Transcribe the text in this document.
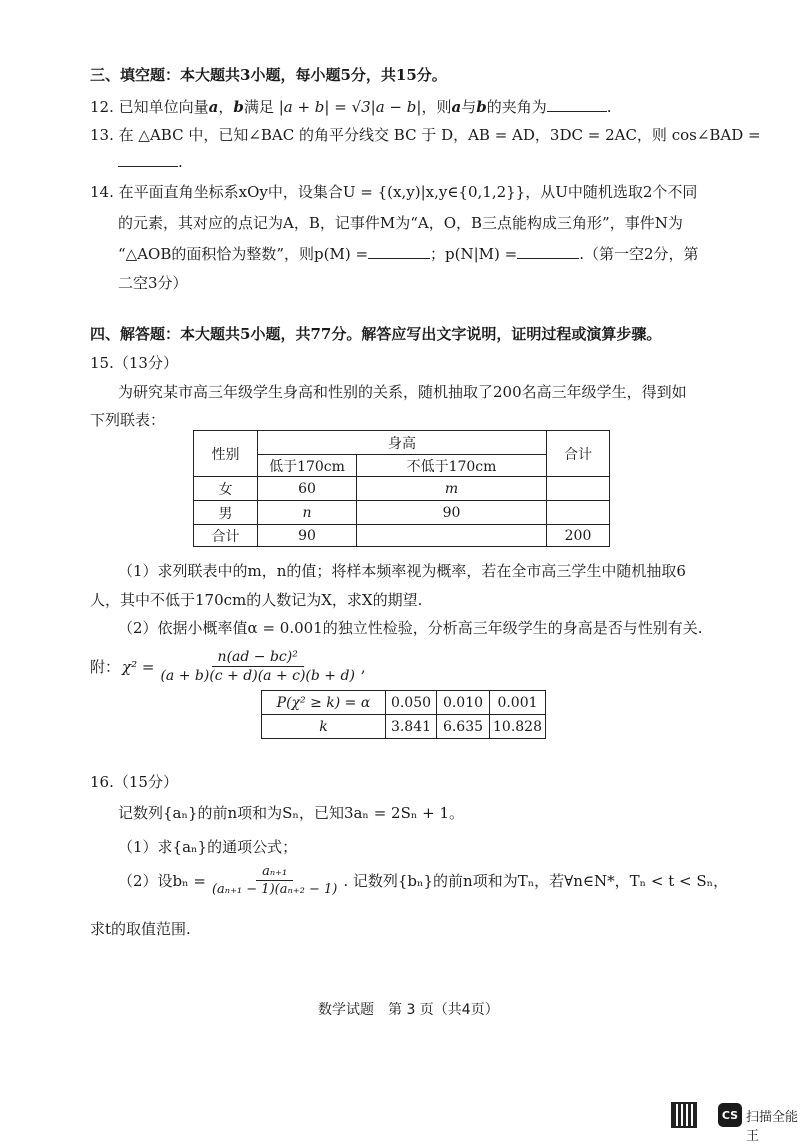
三、填空题：本大题共3小题，每小题5分，共15分。
12. 已知单位向量a，b满足 |a + b| = √3|a − b|，则a与b的夹角为	.
13. 在 △ABC 中，已知∠BAC 的角平分线交 BC 于 D，AB = AD，3DC = 2AC，则 cos∠BAD =
.
14. 在平面直角坐标系xOy中，设集合U = {(x,y)|x,y∈{0,1,2}}，从U中随机选取2个不同
的元素，其对应的点记为A，B，记事件M为“A，O，B三点能构成三角形”，事件N为
“△AOB的面积恰为整数”，则p(M) =	；p(N|M) =	.（第一空2分，第
二空3分）
四、解答题：本大题共5小题，共77分。解答应写出文字说明，证明过程或演算步骤。
15.（13分）
为研究某市高三年级学生身高和性别的关系，随机抽取了200名高三年级学生，得到如
下列联表：
性别	身高		合计
	低于170cm	不低于170cm	
女	60	m	
男	n	90	
合计	90		200
（1）求列联表中的m，n的值；将样本频率视为概率，若在全市高三学生中随机抽取6
人，其中不低于170cm的人数记为X，求X的期望.
（2）依据小概率值α = 0.001的独立性检验，分析高三年级学生的身高是否与性别有关.
附： $\chi^2 = \frac{\text{n(ad − bc)²}}{(a + b)(c + d)(a + c)(b + d)}$ ,
P(χ² ≥ k) = α	0.050	0.010	0.001
k	3.841	6.635	10.828
16.（15分）
记数列{aₙ}的前n项和为Sₙ，已知3aₙ = 2Sₙ + 1。
（1）求{aₙ}的通项公式；
（2）设$b_n = \frac{\text{aₙ₊₁}}{\text{(aₙ₊₁ − 1)(aₙ₊₂ − 1)}}$ . 记数列{bₙ}的前n项和为Tₙ，若∀n∈N*，Tₙ < t < Sₙ，
求t的取值范围.
数学试题　第 3 页（共4页）
CS 扫描全能王
